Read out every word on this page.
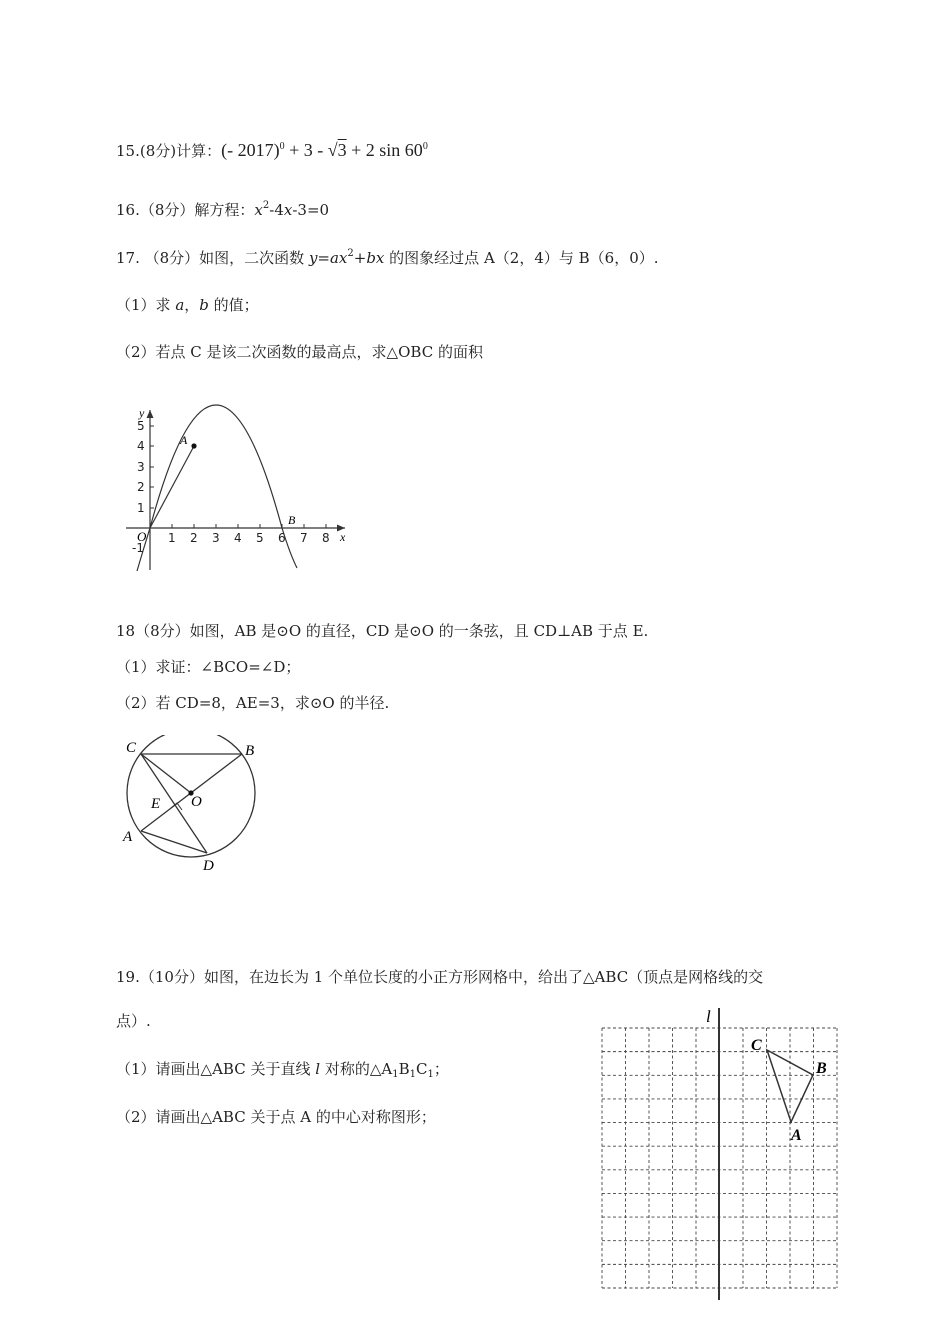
15.(8分)计算：(- 2017)$^0$ + 3 - √3 + 2 $\sin 60^0$
16.（8分）解方程：$x^2-4x-3=0$
17. （8分）如图，二次函数 $y=ax^2+bx$ 的图象经过点 A（2，4）与 B（6，0）.
（1）求 a，b 的值；
（2）若点 C 是该二次函数的最高点，求△OBC 的面积
y
x
O
A
B
1 2 3 4 5 6 7 8
1
2
3
4
5
-1
18（8分）如图，AB 是⊙O 的直径，CD 是⊙O 的一条弦，且 CD⊥AB 于点 E.
（1）求证：∠BCO=∠D；
（2）若 CD=8，AE=3，求⊙O 的半径.
C	B
E O
A
D
19.（10分）如图，在边长为 1 个单位长度的小正方形网格中，给出了△ABC（顶点是网格线的交
点）.
（1）请画出△ABC 关于直线 l 对称的$\triangle A_1B_1C_1$；
（2）请画出△ABC 关于点 A 的中心对称图形；
l
C
B
A
